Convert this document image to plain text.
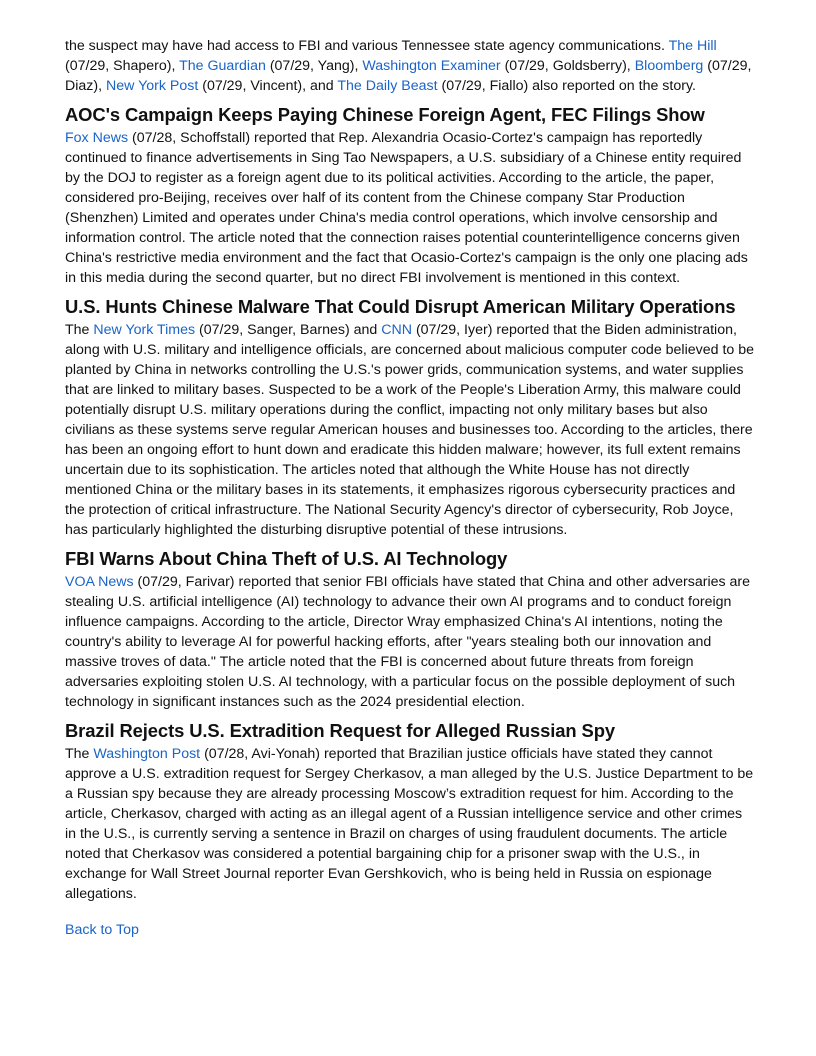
the suspect may have had access to FBI and various Tennessee state agency communications. The Hill (07/29, Shapero), The Guardian (07/29, Yang), Washington Examiner (07/29, Goldsberry), Bloomberg (07/29, Diaz), New York Post (07/29, Vincent), and The Daily Beast (07/29, Fiallo) also reported on the story.

AOC's Campaign Keeps Paying Chinese Foreign Agent, FEC Filings Show

Fox News (07/28, Schoffstall) reported that Rep. Alexandria Ocasio-Cortez's campaign has reportedly continued to finance advertisements in Sing Tao Newspapers, a U.S. subsidiary of a Chinese entity required by the DOJ to register as a foreign agent due to its political activities. According to the article, the paper, considered pro-Beijing, receives over half of its content from the Chinese company Star Production (Shenzhen) Limited and operates under China's media control operations, which involve censorship and information control. The article noted that the connection raises potential counterintelligence concerns given China's restrictive media environment and the fact that Ocasio-Cortez's campaign is the only one placing ads in this media during the second quarter, but no direct FBI involvement is mentioned in this context.

U.S. Hunts Chinese Malware That Could Disrupt American Military Operations

The New York Times (07/29, Sanger, Barnes) and CNN (07/29, Iyer) reported that the Biden administration, along with U.S. military and intelligence officials, are concerned about malicious computer code believed to be planted by China in networks controlling the U.S.'s power grids, communication systems, and water supplies that are linked to military bases. Suspected to be a work of the People's Liberation Army, this malware could potentially disrupt U.S. military operations during the conflict, impacting not only military bases but also civilians as these systems serve regular American houses and businesses too. According to the articles, there has been an ongoing effort to hunt down and eradicate this hidden malware; however, its full extent remains uncertain due to its sophistication. The articles noted that although the White House has not directly mentioned China or the military bases in its statements, it emphasizes rigorous cybersecurity practices and the protection of critical infrastructure. The National Security Agency's director of cybersecurity, Rob Joyce, has particularly highlighted the disturbing disruptive potential of these intrusions.

FBI Warns About China Theft of U.S. AI Technology

VOA News (07/29, Farivar) reported that senior FBI officials have stated that China and other adversaries are stealing U.S. artificial intelligence (AI) technology to advance their own AI programs and to conduct foreign influence campaigns. According to the article, Director Wray emphasized China's AI intentions, noting the country's ability to leverage AI for powerful hacking efforts, after "years stealing both our innovation and massive troves of data." The article noted that the FBI is concerned about future threats from foreign adversaries exploiting stolen U.S. AI technology, with a particular focus on the possible deployment of such technology in significant instances such as the 2024 presidential election.

Brazil Rejects U.S. Extradition Request for Alleged Russian Spy

The Washington Post (07/28, Avi-Yonah) reported that Brazilian justice officials have stated they cannot approve a U.S. extradition request for Sergey Cherkasov, a man alleged by the U.S. Justice Department to be a Russian spy because they are already processing Moscow’s extradition request for him. According to the article, Cherkasov, charged with acting as an illegal agent of a Russian intelligence service and other crimes in the U.S., is currently serving a sentence in Brazil on charges of using fraudulent documents. The article noted that Cherkasov was considered a potential bargaining chip for a prisoner swap with the U.S., in exchange for Wall Street Journal reporter Evan Gershkovich, who is being held in Russia on espionage allegations.

Back to Top
